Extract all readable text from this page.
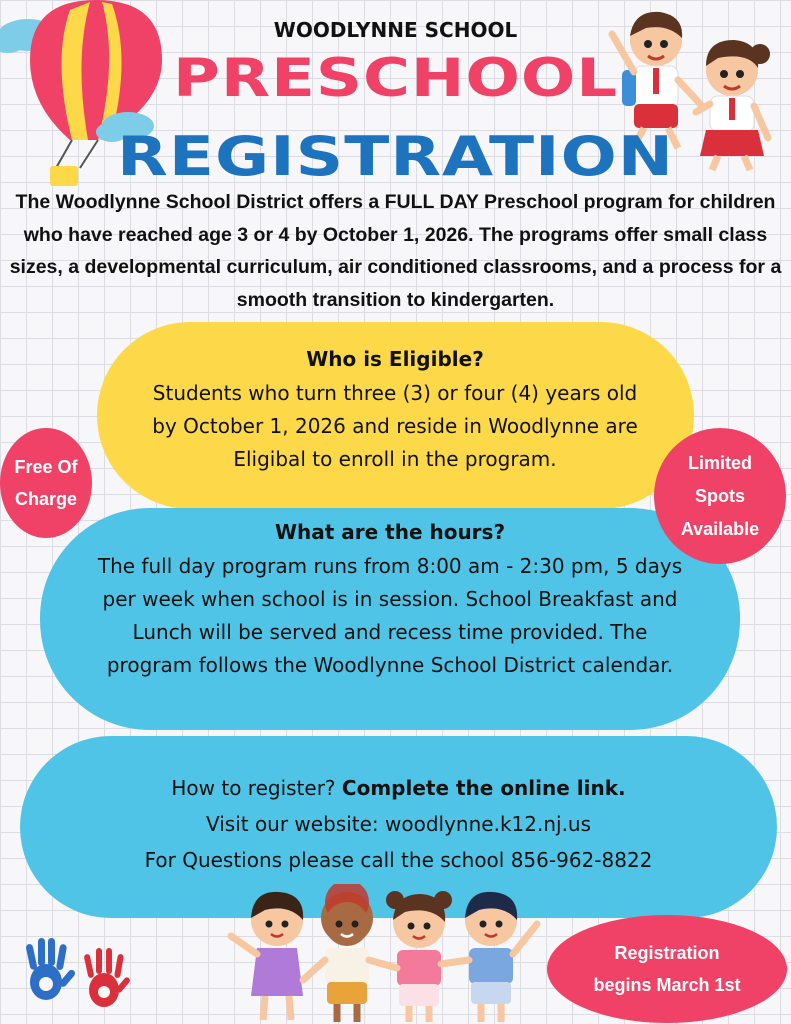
WOODLYNNE SCHOOL
PRESCHOOL
REGISTRATION
The Woodlynne School District offers a FULL DAY Preschool program for children who have reached age 3 or 4 by October 1, 2026. The programs offer small class sizes, a developmental curriculum, air conditioned classrooms, and a process for a smooth transition to kindergarten.
Who is Eligible?
Students who turn three (3) or four (4) years old
by October 1, 2026 and reside in Woodlynne are
Eligibal to enroll in the program.
What are the hours?
The full day program runs from 8:00 am - 2:30 pm, 5 days
per week when school is in session. School Breakfast and
Lunch will be served and recess time provided. The
program follows the Woodlynne School District calendar.
How to register? Complete the online link.
Visit our website: woodlynne.k12.nj.us
For Questions please call the school 856-962-8822
Free Of
Charge
Limited
Spots
Available
Registration
begins March 1st
